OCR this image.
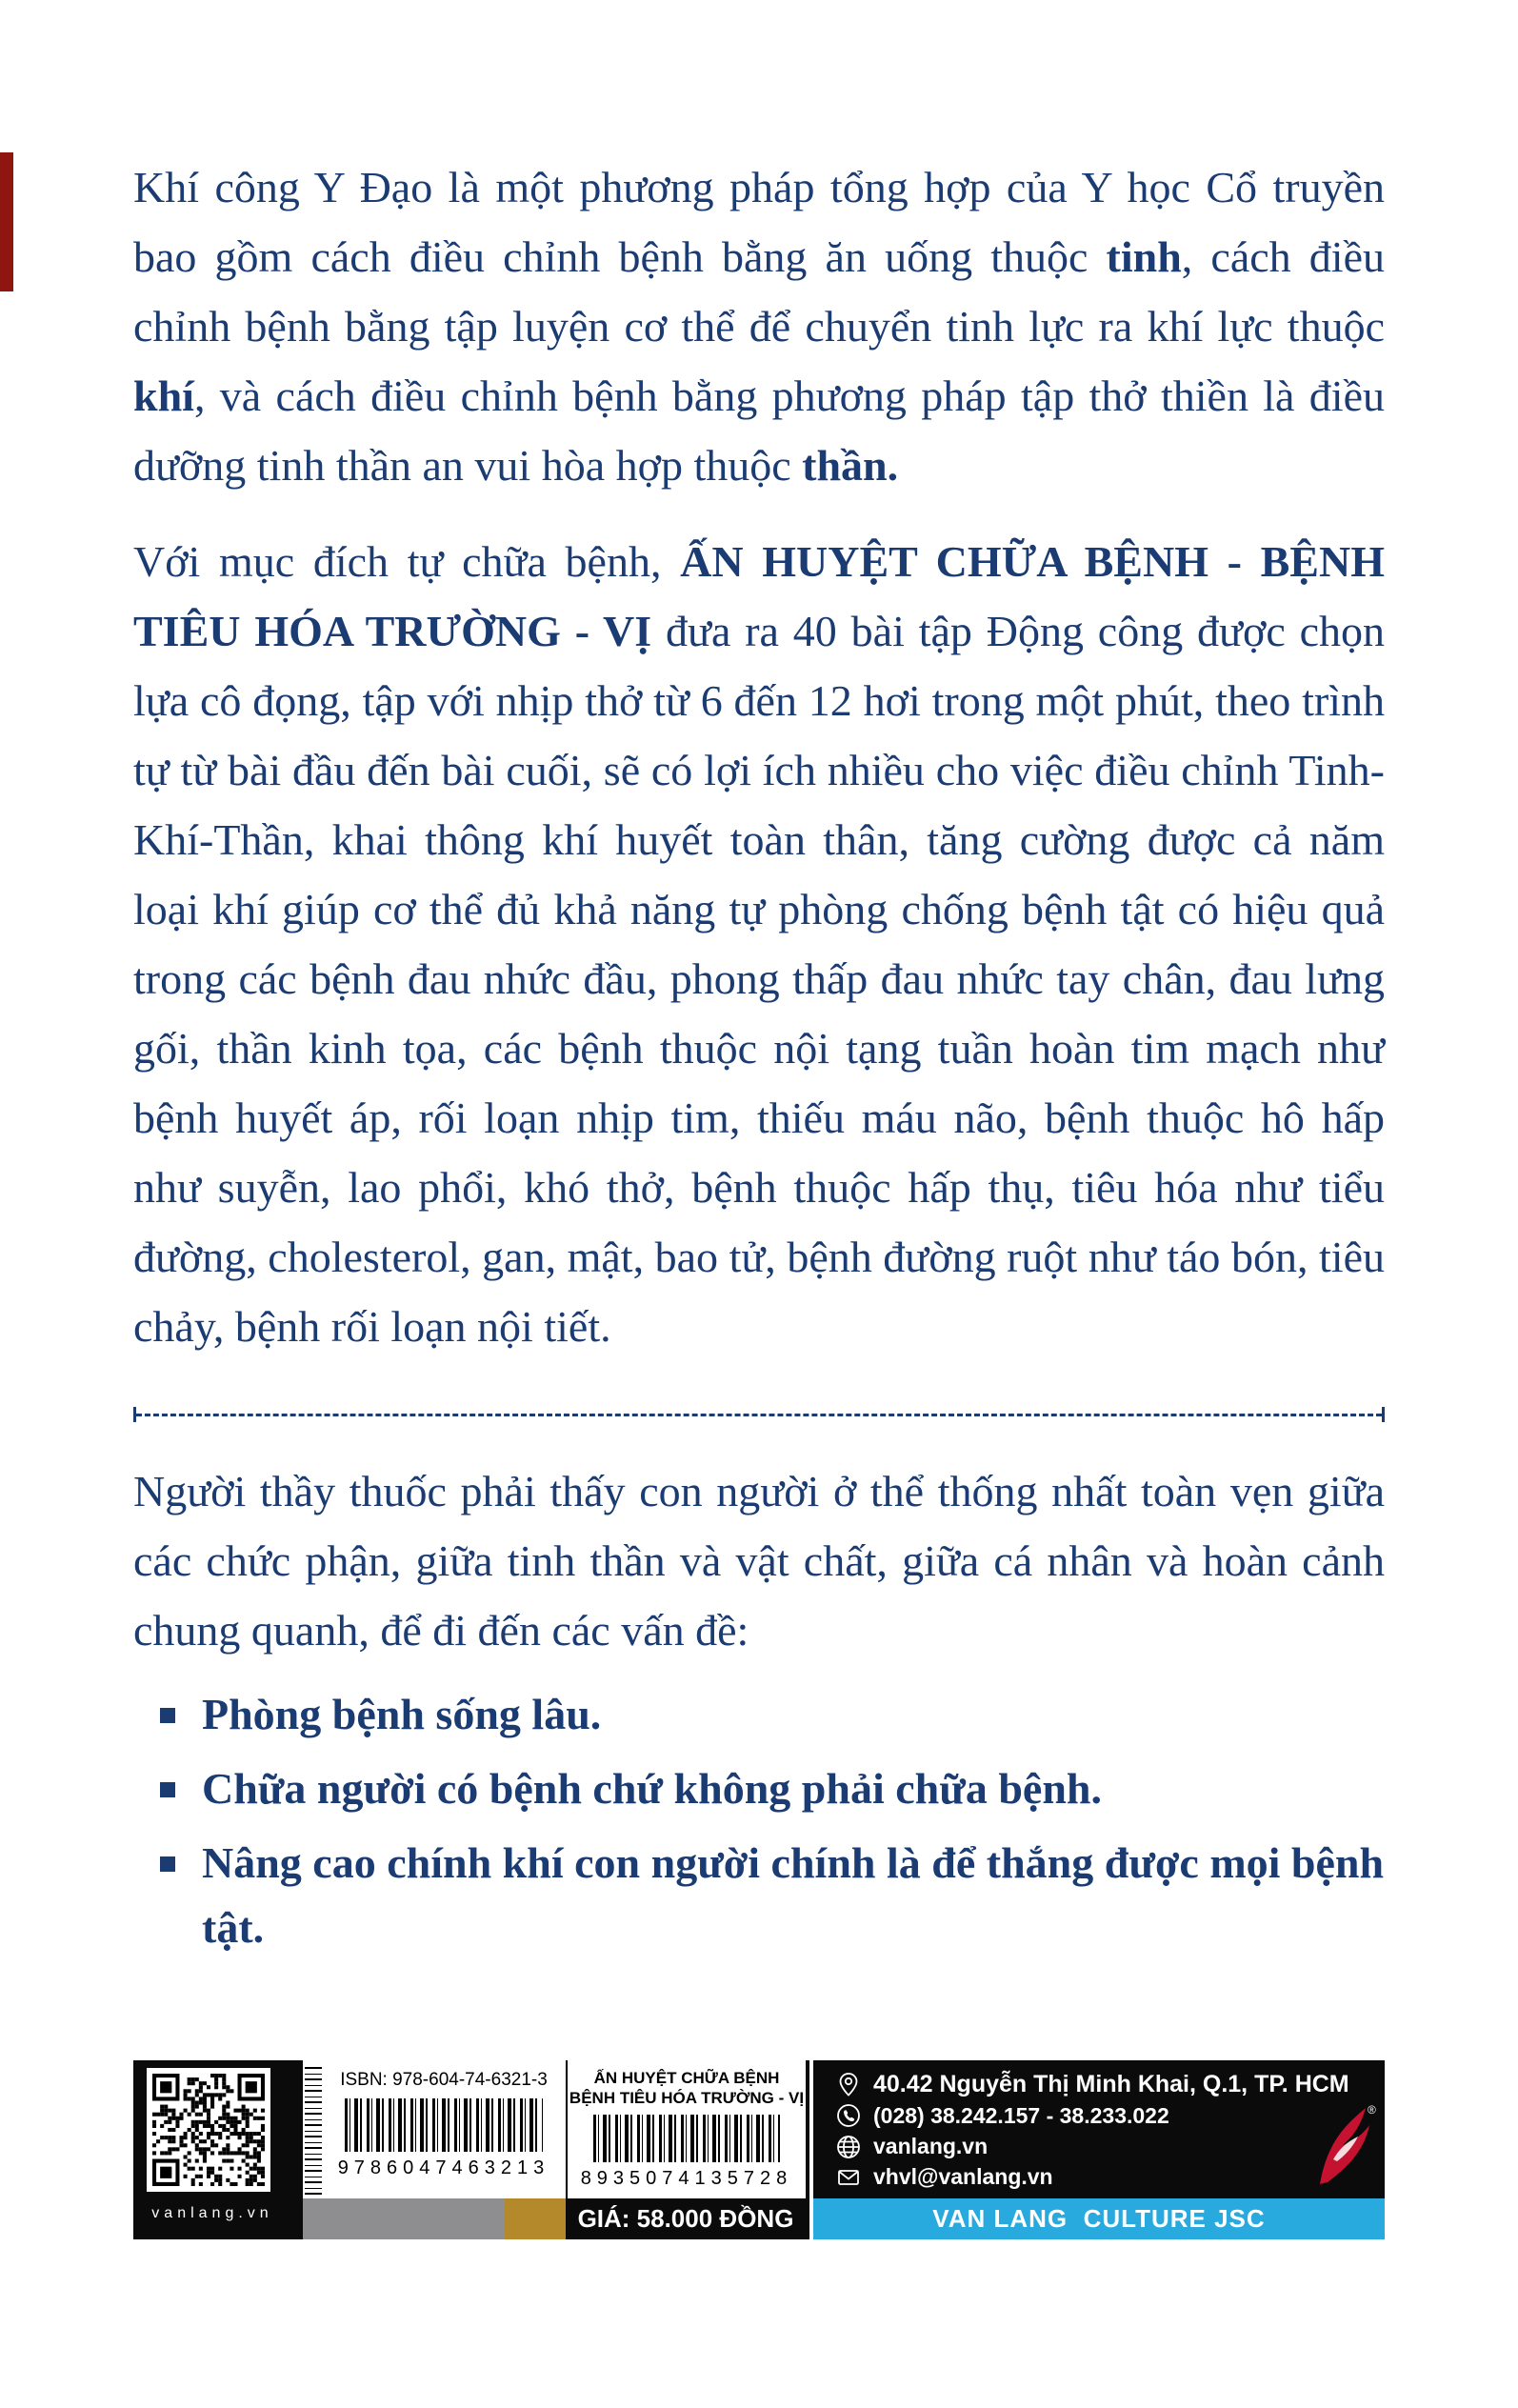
Khí công Y Đạo là một phương pháp tổng hợp của Y học Cổ truyền bao gồm cách điều chỉnh bệnh bằng ăn uống thuộc tinh, cách điều chỉnh bệnh bằng tập luyện cơ thể để chuyển tinh lực ra khí lực thuộc khí, và cách điều chỉnh bệnh bằng phương pháp tập thở thiền là điều dưỡng tinh thần an vui hòa hợp thuộc thần.

Với mục đích tự chữa bệnh, ẤN HUYỆT CHỮA BỆNH - BỆNH TIÊU HÓA TRƯỜNG - VỊ đưa ra 40 bài tập Động công được chọn lựa cô đọng, tập với nhịp thở từ 6 đến 12 hơi trong một phút, theo trình tự từ bài đầu đến bài cuối, sẽ có lợi ích nhiều cho việc điều chỉnh Tinh-Khí-Thần, khai thông khí huyết toàn thân, tăng cường được cả năm loại khí giúp cơ thể đủ khả năng tự phòng chống bệnh tật có hiệu quả trong các bệnh đau nhức đầu, phong thấp đau nhức tay chân, đau lưng gối, thần kinh tọa, các bệnh thuộc nội tạng tuần hoàn tim mạch như bệnh huyết áp, rối loạn nhịp tim, thiếu máu não, bệnh thuộc hô hấp như suyễn, lao phổi, khó thở, bệnh thuộc hấp thụ, tiêu hóa như tiểu đường, cholesterol, gan, mật, bao tử, bệnh đường ruột như táo bón, tiêu chảy, bệnh rối loạn nội tiết.

Người thầy thuốc phải thấy con người ở thể thống nhất toàn vẹn giữa các chức phận, giữa tinh thần và vật chất, giữa cá nhân và hoàn cảnh chung quanh, để đi đến các vấn đề:

Phòng bệnh sống lâu.
Chữa người có bệnh chứ không phải chữa bệnh.
Nâng cao chính khí con người chính là để thắng được mọi bệnh tật.
vanlang.vn
ISBN: 978-604-74-6321-3
9786047463213
ẤN HUYỆT CHỮA BỆNH
BỆNH TIÊU HÓA TRƯỜNG - VỊ
8935074135728
GIÁ: 58.000 ĐỒNG
40.42 Nguyễn Thị Minh Khai, Q.1, TP. HCM
(028) 38.242.157 - 38.233.022
vanlang.vn
vhvl@vanlang.vn
®
VAN LANG  CULTURE JSC
